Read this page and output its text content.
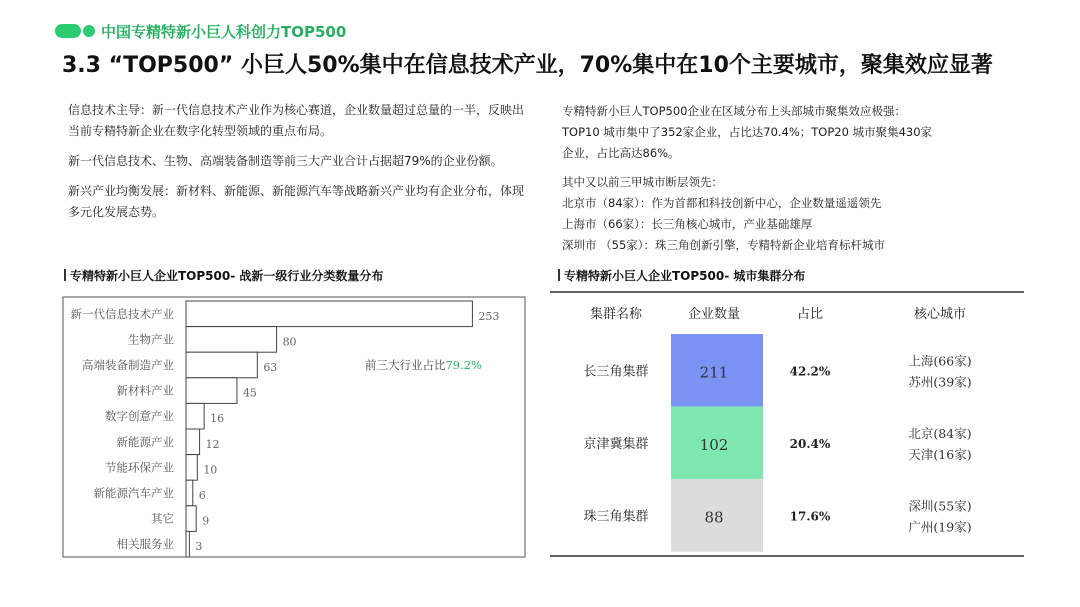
中国专精特新小巨人科创力TOP500
3.3 “TOP500” 小巨人50%集中在信息技术产业，70%集中在10个主要城市，聚集效应显著

信息技术主导：新一代信息技术产业作为核心赛道，企业数量超过总量的一半，反映出当前专精特新企业在数字化转型领域的重点布局。

新一代信息技术、生物、高端装备制造等前三大产业合计占据超79%的企业份额。

新兴产业均衡发展：新材料、新能源、新能源汽车等战略新兴产业均有企业分布，体现多元化发展态势。

专精特新小巨人TOP500企业在区域分布上头部城市聚集效应极强： TOP10 城市集中了352家企业，占比达70.4%；TOP20 城市聚集430家企业，占比高达86%。

其中又以前三甲城市断层领先：

北京市（84家）：作为首都和科技创新中心，企业数量遥遥领先
上海市（66家）：长三角核心城市，产业基础雄厚
深圳市 （55家）：珠三角创新引擎，专精特新企业培育标杆城市
专精特新小巨人企业TOP500- 战新一级行业分类数量分布	专精特新小巨人企业TOP500- 城市集群分布
新一代信息技术产业	253
生物产业	80
高端装备制造产业	63
新材料产业	45
数字创意产业	16
新能源产业	12
节能环保产业	10
新能源汽车产业 6
其它	9
相关服务业 3
前三大行业占比79.2%
集群名称	企业数量	占比	核心城市
长三角集群	211	42.2%
上海(66家)
苏州(39家)
京津冀集群	102	20.4%
北京(84家)
天津(16家)
珠三角集群	88	17.6%
深圳(55家)
广州(19家)
